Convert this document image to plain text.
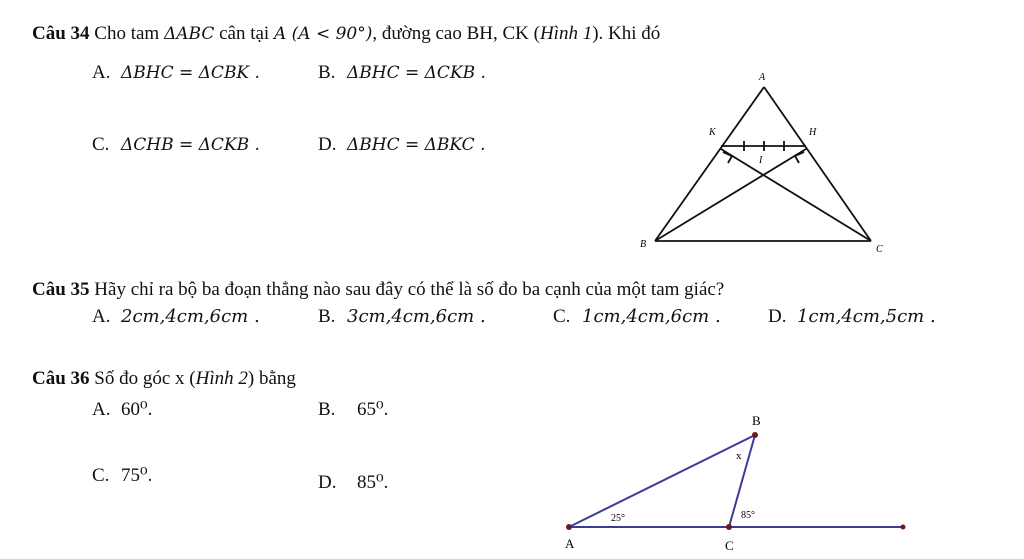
Câu 34 Cho tam ΔABC cân tại A (A < 90°), đường cao BH, CK (Hình 1). Khi đó
A. ΔBHC = ΔCBK .	B. ΔBHC = ΔCKB .
C. ΔCHB = ΔCKB .	D. ΔBHC = ΔBKC .
A
K	H
I
B	C
Câu 35 Hãy chỉ ra bộ ba đoạn thẳng nào sau đây có thể là số đo ba cạnh của một tam giác?
A. 2cm,4cm,6cm .	B. 3cm,4cm,6cm .	C. 1cm,4cm,6cm . D. 1cm,4cm,5cm .
Câu 36 Số đo góc x (Hình 2) bằng
A. 60⁰.	B. 65⁰.
C. 75⁰.	D. 85⁰.
B
x
25°	85°
A	C
